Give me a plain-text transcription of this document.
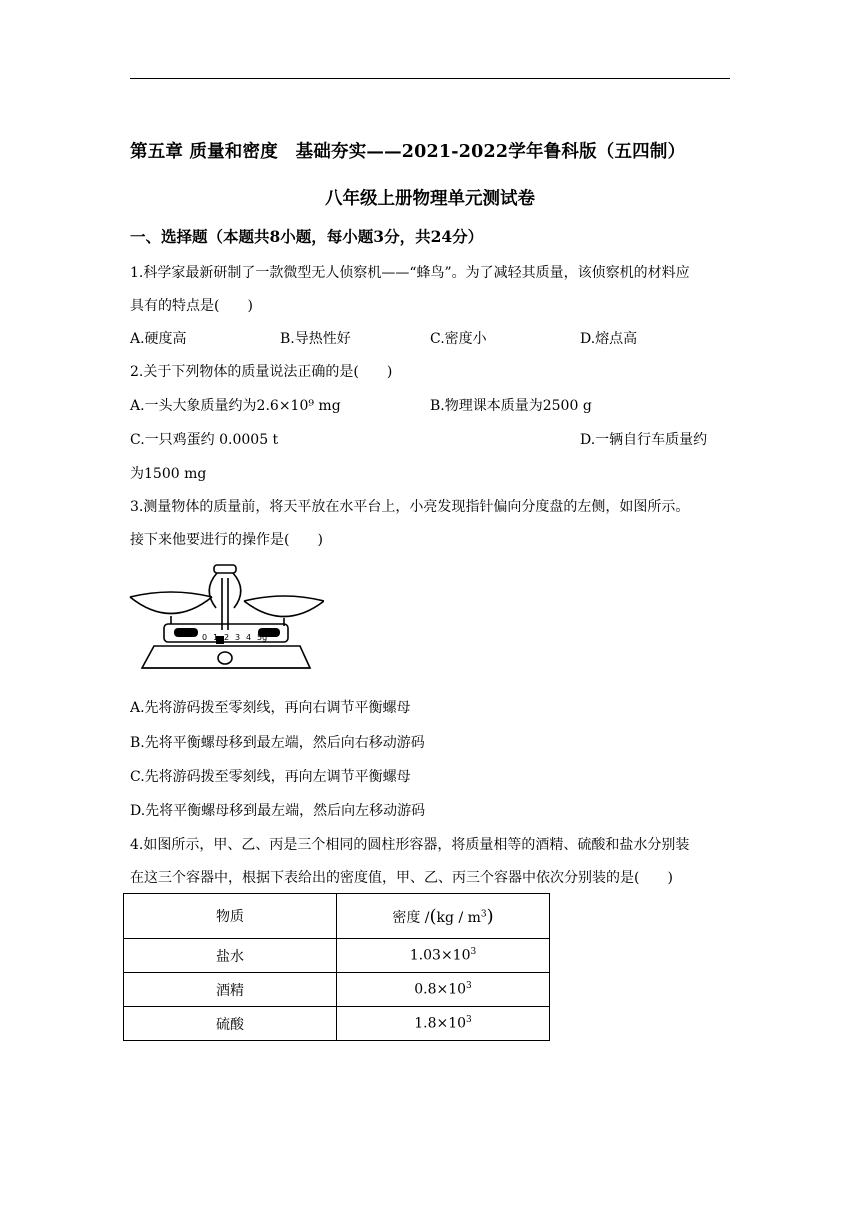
第五章 质量和密度　基础夯实——2021-2022学年鲁科版（五四制）
八年级上册物理单元测试卷
一、选择题（本题共8小题，每小题3分，共24分）
1.科学家最新研制了一款微型无人侦察机——“蜂鸟”。为了减轻其质量，该侦察机的材料应
具有的特点是(　　)
A.硬度高	B.导热性好	C.密度小	D.熔点高
2.关于下列物体的质量说法正确的是(　　)
A.一头大象质量约为2.6×10⁹ mg	B.物理课本质量为2500 g
C.一只鸡蛋约 0.0005 t	D.一辆自行车质量约
为1500 mg
3.测量物体的质量前，将天平放在水平台上，小亮发现指针偏向分度盘的左侧，如图所示。
接下来他要进行的操作是(　　)
0 1 2 3 4 5g
A.先将游码拨至零刻线，再向右调节平衡螺母
B.先将平衡螺母移到最左端，然后向右移动游码
C.先将游码拨至零刻线，再向左调节平衡螺母
D.先将平衡螺母移到最左端，然后向左移动游码
4.如图所示，甲、乙、丙是三个相同的圆柱形容器，将质量相等的酒精、硫酸和盐水分别装
在这三个容器中，根据下表给出的密度值，甲、乙、丙三个容器中依次分别装的是(　　)
物质	密度 $/(kg / m^3)$
盐水	$1.03\times 10^3$
酒精	$0.8\times 10^3$
硫酸	$1.8\times 10^3$
